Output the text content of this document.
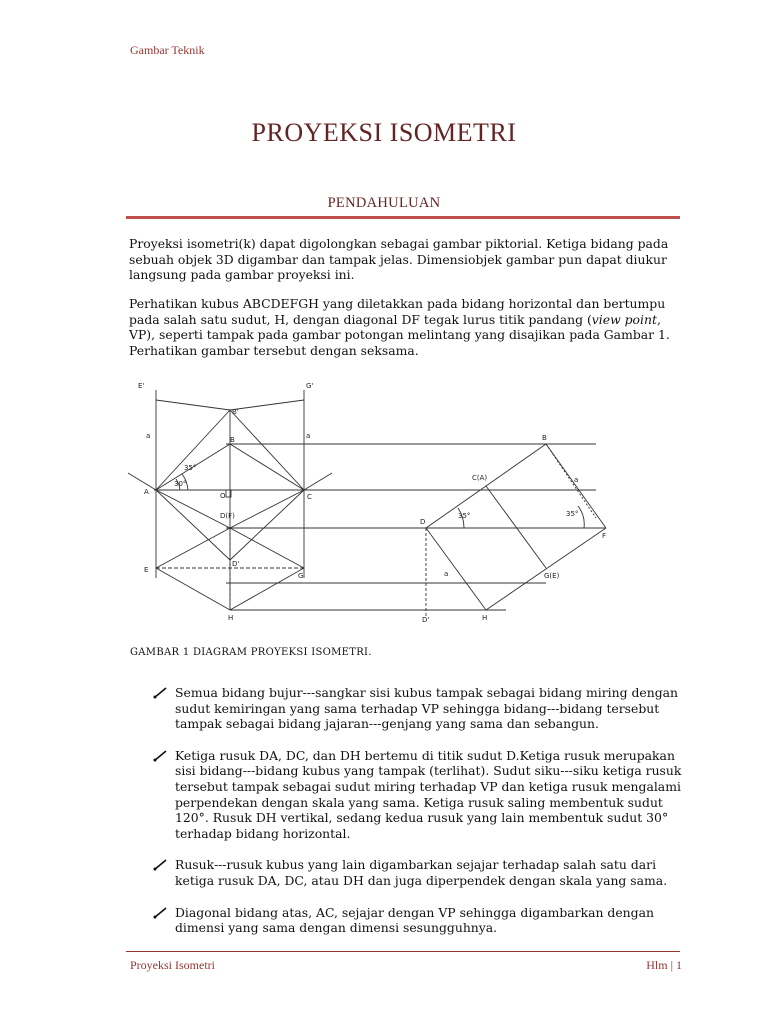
Gambar Teknik
PROYEKSI ISOMETRI
PENDAHULUAN
Proyeksi isometri(k) dapat digolongkan sebagai gambar piktorial. Ketiga bidang pada sebuah objek 3D digambar dan tampak jelas. Dimensiobjek gambar pun dapat diukur langsung pada gambar proyeksi ini.
Perhatikan kubus ABCDEFGH yang diletakkan pada bidang horizontal dan bertumpu pada salah satu sudut, H, dengan diagonal DF tegak lurus titik pandang (view point, VP), seperti tampak pada gambar potongan melintang yang disajikan pada Gambar 1. Perhatikan gambar tersebut dengan seksama.
E'	G'
B'
B
A
C
O
D(F)
D'
E
G
H
a	a
35°
30°
B
C(A)
D
F
G(E)
D'	H
35°	35°
a
a
GAMBAR 1 DIAGRAM PROYEKSI ISOMETRI.
Semua bidang bujur---sangkar sisi kubus tampak sebagai bidang miring dengan sudut kemiringan yang sama terhadap VP sehingga bidang---bidang tersebut tampak sebagai bidang jajaran---genjang yang sama dan sebangun.
Ketiga rusuk DA, DC, dan DH bertemu di titik sudut D.Ketiga rusuk merupakan sisi bidang---bidang kubus yang tampak (terlihat). Sudut siku---siku ketiga rusuk tersebut tampak sebagai sudut miring terhadap VP dan ketiga rusuk mengalami perpendekan dengan skala yang sama. Ketiga rusuk saling membentuk sudut 120°. Rusuk DH vertikal, sedang kedua rusuk yang lain membentuk sudut 30° terhadap bidang horizontal.
Rusuk---rusuk kubus yang lain digambarkan sejajar terhadap salah satu dari ketiga rusuk DA, DC, atau DH dan juga diperpendek dengan skala yang sama.
Diagonal bidang atas, AC, sejajar dengan VP sehingga digambarkan dengan dimensi yang sama dengan dimensi sesungguhnya.
Proyeksi Isometri	Hlm | 1
